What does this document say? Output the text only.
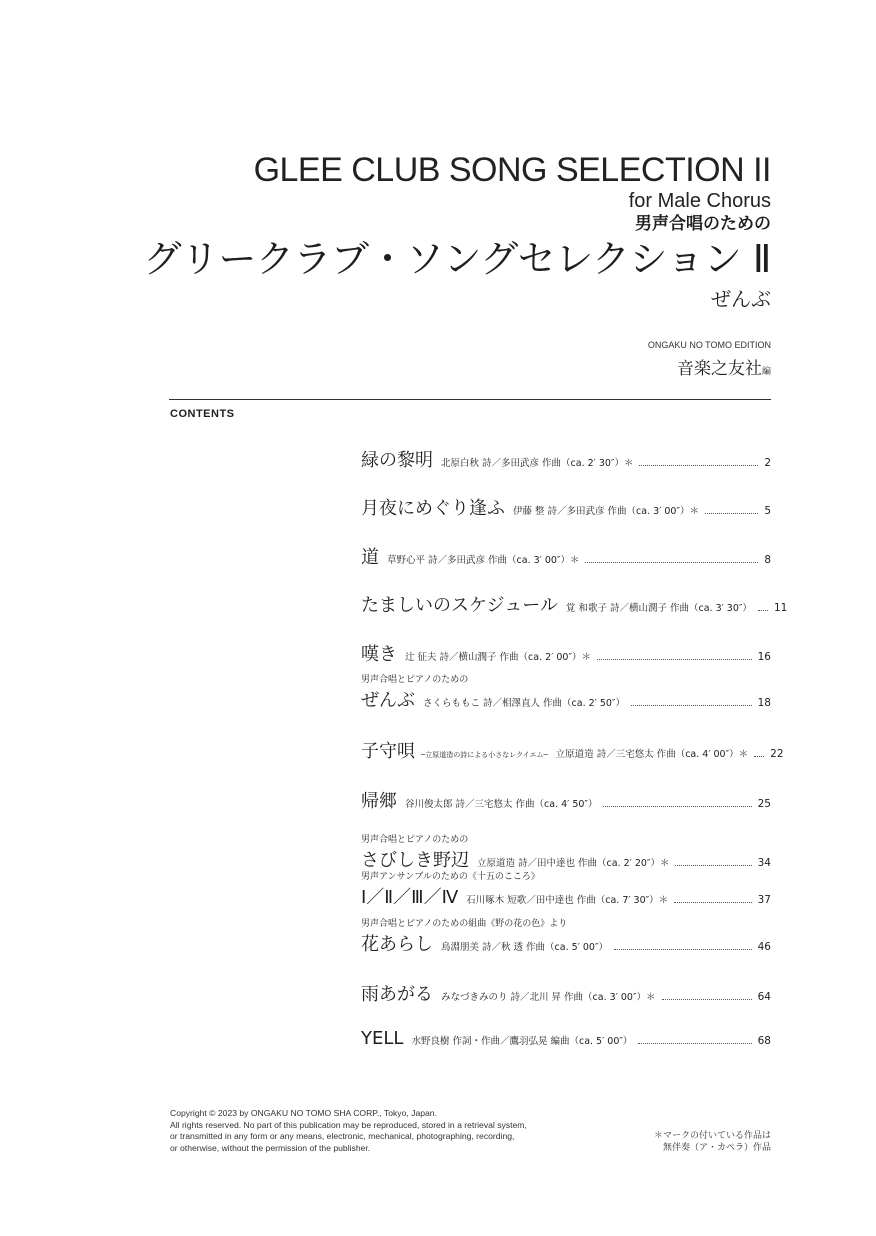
GLEE CLUB SONG SELECTION II
for Male Chorus
男声合唱のための
グリークラブ・ソングセレクション Ⅱ
ぜんぶ
ONGAKU NO TOMO EDITION
音楽之友社編
CONTENTS
緑の黎明 北原白秋 詩／多田武彦 作曲（ca. 2′ 30″）＊	2
月夜にめぐり逢ふ 伊藤 整 詩／多田武彦 作曲（ca. 3′ 00″）＊	5
道 草野心平 詩／多田武彦 作曲（ca. 3′ 00″）＊	8
たましいのスケジュール 覚 和歌子 詩／横山潤子 作曲（ca. 3′ 30″） 11
嘆き 辻 征夫 詩／横山潤子 作曲（ca. 2′ 00″）＊	16
男声合唱とピアノのための
ぜんぶ さくらももこ 詩／相澤直人 作曲（ca. 2′ 50″）	18
子守唄 ─立原道造の詩による小さなレクイエム─ 立原道造 詩／三宅悠太 作曲（ca. 4′ 00″）＊ 22
帰郷 谷川俊太郎 詩／三宅悠太 作曲（ca. 4′ 50″）	25
男声合唱とピアノのための
さびしき野辺 立原道造 詩／田中達也 作曲（ca. 2′ 20″）＊	34
男声アンサンブルのための《十五のこころ》
Ⅰ／Ⅱ／Ⅲ／Ⅳ 石川啄木 短歌／田中達也 作曲（ca. 7′ 30″）＊	37
男声合唱とピアノのための組曲《野の花の色》より
花あらし 鳥淵朋美 詩／秋 透 作曲（ca. 5′ 00″）	46
雨あがる みなづきみのり 詩／北川 昇 作曲（ca. 3′ 00″）＊	64
YELL 水野良樹 作詞・作曲／鷹羽弘晃 編曲（ca. 5′ 00″）	68
Copyright © 2023 by ONGAKU NO TOMO SHA CORP., Tokyo, Japan.
All rights reserved. No part of this publication may be reproduced, stored in a retrieval system,
or transmitted in any form or any means, electronic, mechanical, photographing, recording,
or otherwise, without the permission of the publisher.
＊マークの付いている作品は
無伴奏（ア・カペラ）作品
